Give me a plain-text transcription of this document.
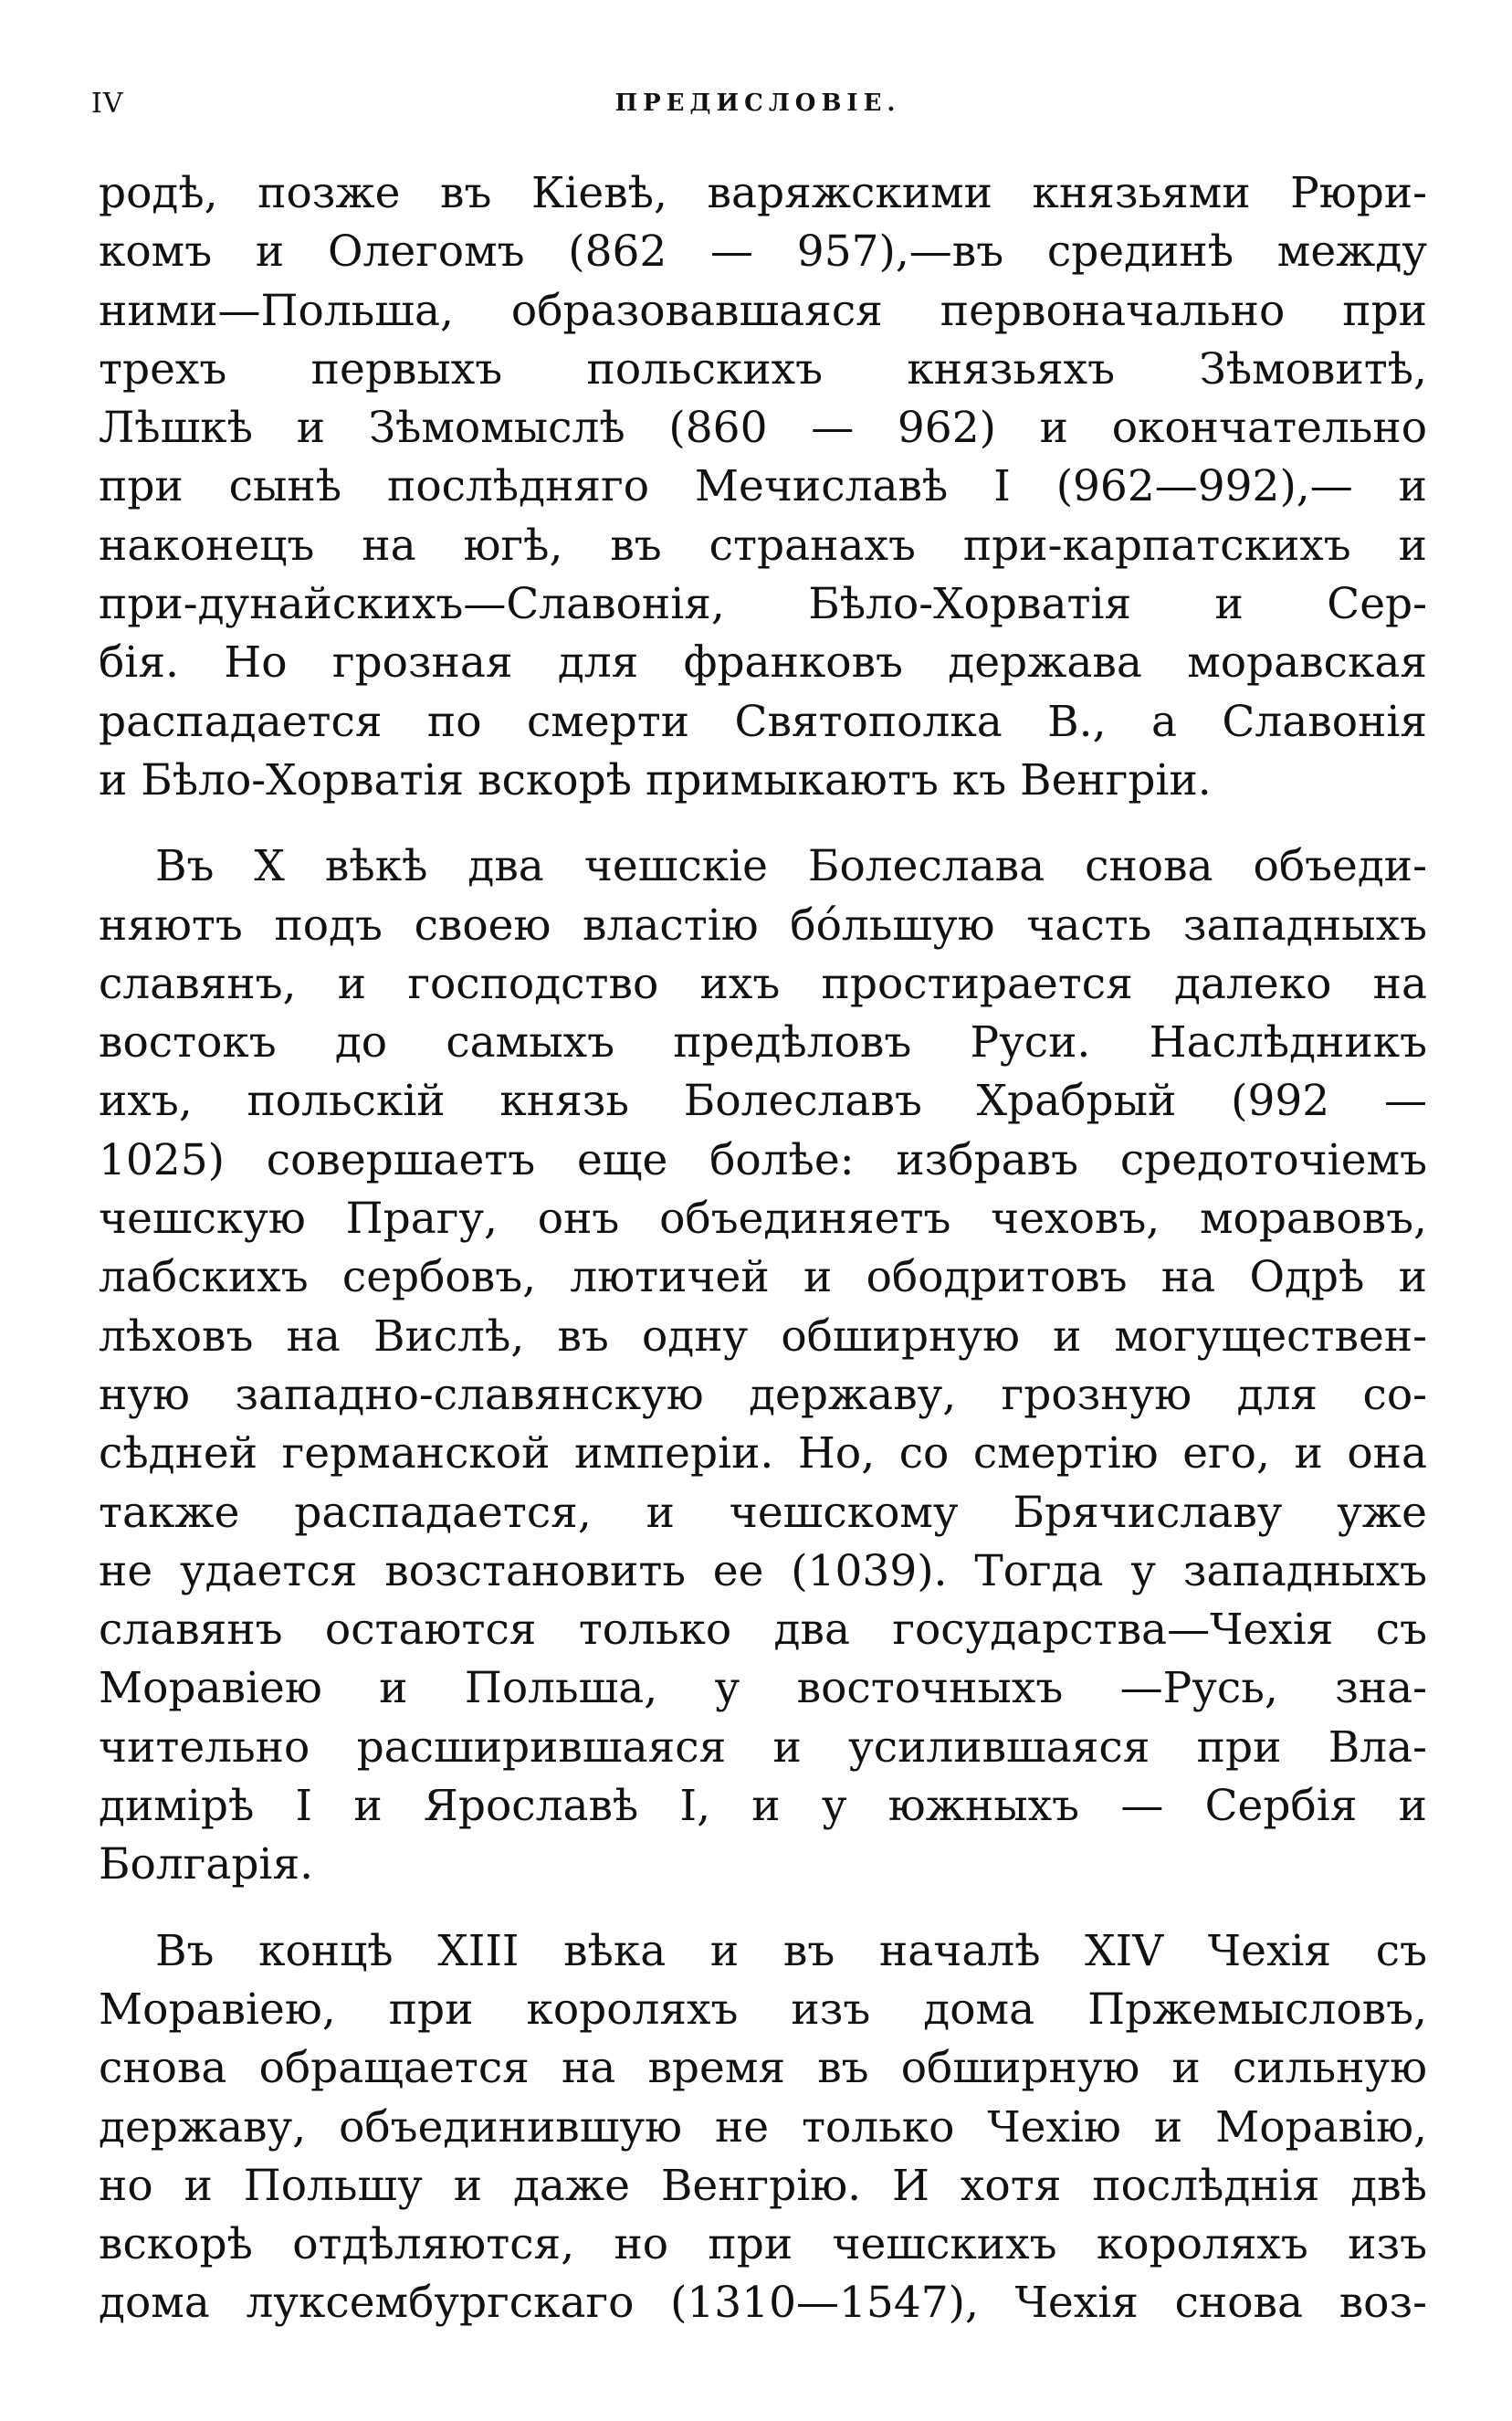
IV	ПРЕДИСЛОВІЕ.
родѣ, позже въ Кіевѣ, варяжскими князьями Рюри-
комъ и Олегомъ (862 — 957),—въ срединѣ между
ними—Польша, образовавшаяся первоначально при
трехъ первыхъ польскихъ князьяхъ Зѣмовитѣ,
Лѣшкѣ и Зѣмомыслѣ (860 — 962) и окончательно
при сынѣ послѣдняго Мечиславѣ I (962—992),— и
наконецъ на югѣ, въ странахъ при-карпатскихъ и
при-дунайскихъ—Славонія, Бѣло-Хорватія и Сер-
бія. Но грозная для франковъ держава моравская
распадается по смерти Святополка В., а Славонія
и Бѣло-Хорватія вскорѣ примыкаютъ къ Венгріи.
Въ X вѣкѣ два чешскіе Болеслава снова объеди-
няютъ подъ своею властію бóльшую часть западныхъ
славянъ, и господство ихъ простирается далеко на
востокъ до самыхъ предѣловъ Руси. Наслѣдникъ
ихъ, польскій князь Болеславъ Храбрый (992 —
1025) совершаетъ еще болѣе: избравъ средоточіемъ
чешскую Прагу, онъ объединяетъ чеховъ, моравовъ,
лабскихъ сербовъ, лютичей и ободритовъ на Одрѣ и
лѣховъ на Вислѣ, въ одну обширную и могуществен-
ную западно-славянскую державу, грозную для со-
сѣдней германской имперіи. Но, со смертію его, и она
также распадается, и чешскому Брячиславу уже
не удается возстановить ее (1039). Тогда у западныхъ
славянъ остаются только два государства—Чехія съ
Моравіею и Польша, у восточныхъ —Русь, зна-
чительно расширившаяся и усилившаяся при Вла-
димірѣ I и Ярославѣ I, и у южныхъ — Сербія и
Болгарія.
Въ концѣ XIII вѣка и въ началѣ XIV Чехія съ
Моравіею, при короляхъ изъ дома Пржемысловъ,
снова обращается на время въ обширную и сильную
державу, объединившую не только Чехію и Моравію,
но и Польшу и даже Венгрію. И хотя послѣднія двѣ
вскорѣ отдѣляются, но при чешскихъ короляхъ изъ
дома луксембургскаго (1310—1547), Чехія снова воз-
